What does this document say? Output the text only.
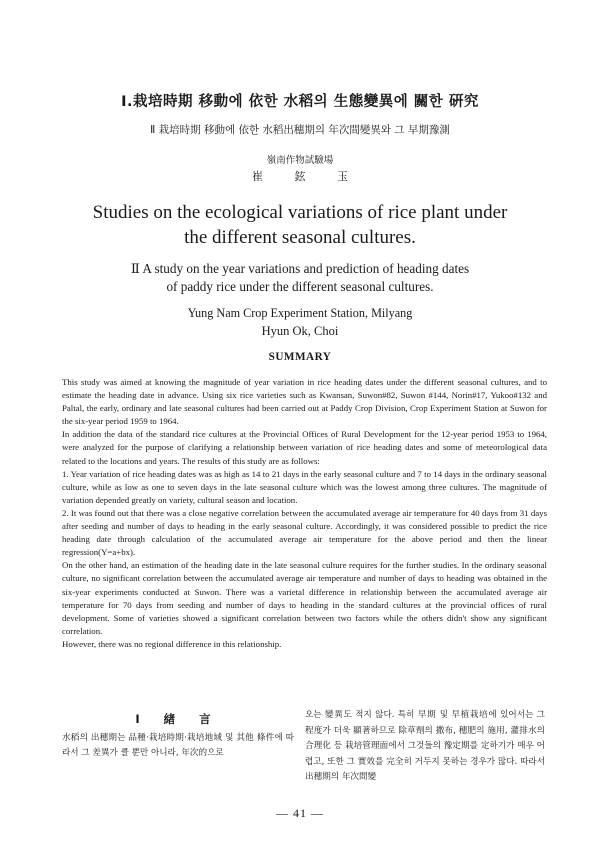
Ⅰ.栽培時期 移動에 依한 水稻의 生態變異에 關한 硏究
Ⅱ 栽培時期 移動에 依한 水稻出穗期의 年次間變異와 그 早期豫測
嶺南作物試驗場
崔 鉉 玉
Studies on the ecological variations of rice plant under
the different seasonal cultures.
Ⅱ A study on the year variations and prediction of heading dates
of paddy rice under the different seasonal cultures.
Yung Nam Crop Experiment Station, Milyang
Hyun Ok, Choi
SUMMARY

This study was aimed at knowing the magnitude of year variation in rice heading dates under the different seasonal cultures, and to estimate the heading date in advance. Using six rice varieties such as Kwansan, Suwon#82, Suwon #144, Norin#17, Yukoo#132 and Paltal, the early, ordinary and late seasonal cultures had been carried out at Paddy Crop Division, Crop Experiment Station at Suwon for the six-year period 1959 to 1964.

In addition the data of the standard rice cultures at the Provincial Offices of Rural Development for the 12-year period 1953 to 1964, were analyzed for the purpose of clarifying a relationship between variation of rice heading dates and some of meteorological data related to the locations and years. The results of this study are as follows:

1. Year variation of rice heading dates was as high as 14 to 21 days in the early seasonal culture and 7 to 14 days in the ordinary seasonal culture, while as low as one to seven days in the late seasonal culture which was the lowest among three cultures. The magnitude of variation depended greatly on variety, cultural season and location.

2. It was found out that there was a close negative correlation between the accumulated average air temperature for 40 days from 31 days after seeding and number of days to heading in the early seasonal culture. Accordingly, it was considered possible to predict the rice heading date through calculation of the accumulated average air temperature for the above period and then the linear regression(Y=a+bx).

On the other hand, an estimation of the heading date in the late seasonal culture requires for the further studies. In the ordinary seasonal culture, no significant correlation between the accumulated average air temperature and number of days to heading was obtained in the six-year experiments conducted at Suwon. There was a varietal difference in relationship between the accumulated average air temperature for 70 days from seeding and number of days to heading in the standard cultures at the provincial offices of rural development. Some of varieties showed a significant correlation between two factors while the others didn't show any significant correlation.

However, there was no regional difference in this relationship.

Ⅰ 緖 言
水稻의 出穗期는 品種·栽培時期·栽培地域 및 其他 條件에 따라서 그 差異가 클 뿐만 아니라, 年次的으로
오는 變異도 적지 않다. 특히 早期 및 早植栽培에 있어서는 그 程度가 더욱 顯著하므로 除草劑의 撒布, 穗肥의 施用, 灌排水의 合理化 등 栽培管理面에서 그것들의 豫定期를 定하기가 매우 어렵고, 또한 그 實效를 完全히 거두지 못하는 경우가 많다. 따라서 出穗期의 年次間變
— 41 —
